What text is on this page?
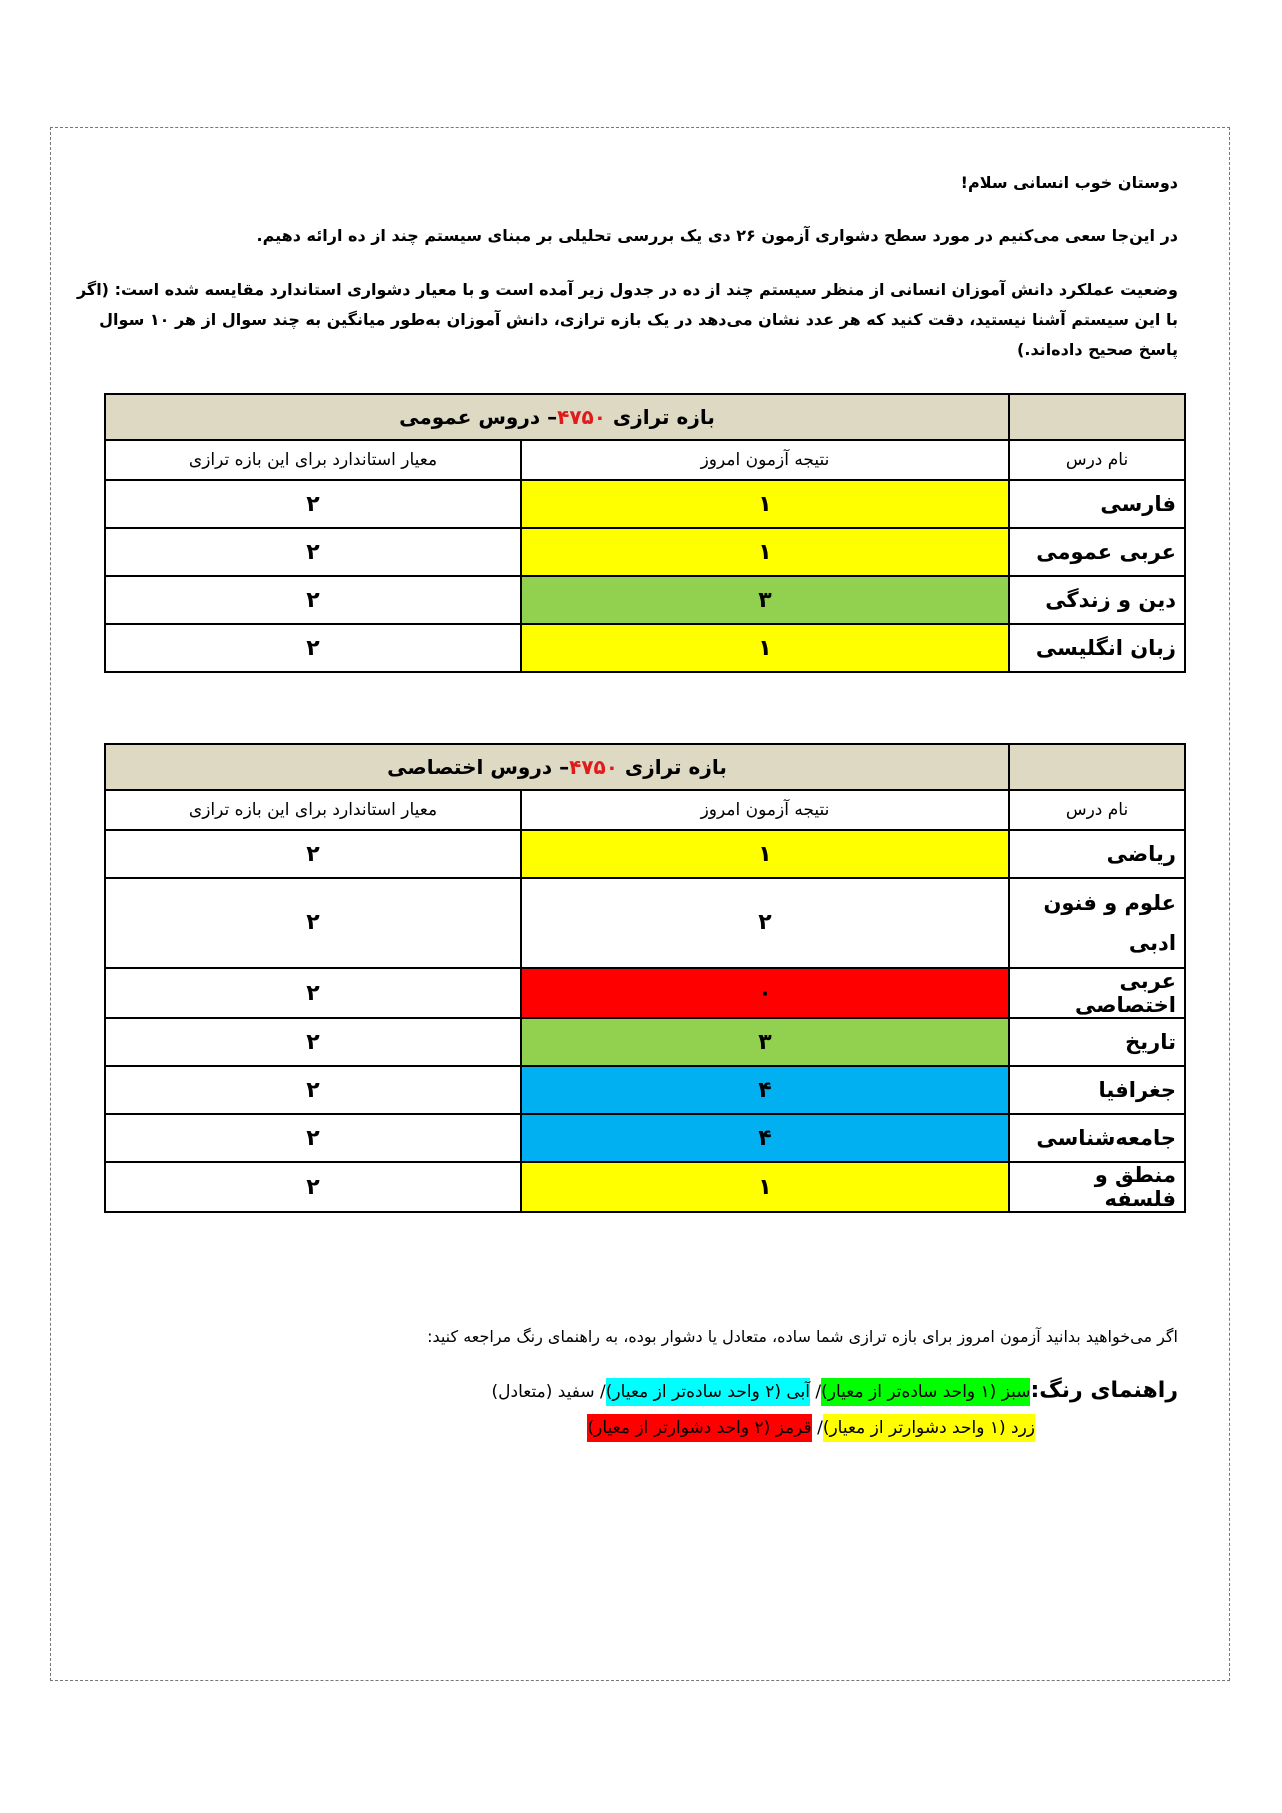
دوستان خوب انسانی سلام!
در این‌جا سعی می‌کنیم در مورد سطح دشواری آزمون ۲۶ دی یک بررسی تحلیلی بر مبنای سیستم چند از ده ارائه دهیم.
وضعیت عملکرد دانش آموزان انسانی از منظر سیستم چند از ده در جدول زیر آمده است و با معیار دشواری استاندارد مقایسه شده است: (اگر با این سیستم آشنا نیستید، دقت کنید که هر عدد نشان می‌دهد در یک بازه ترازی، دانش آموزان به‌طور میانگین به چند سوال از هر ۱۰ سوال پاسخ صحیح داده‌اند.)
	بازه ترازی ۴۷۵۰– دروس عمومی	
نام درس	نتیجه آزمون امروز	معیار استاندارد برای این بازه ترازی
فارسی	۱	۲
عربی عمومی	۱	۲
دین و زندگی	۳	۲
زبان انگلیسی	۱	۲
	بازه ترازی ۴۷۵۰– دروس اختصاصی	
نام درس	نتیجه آزمون امروز	معیار استاندارد برای این بازه ترازی
ریاضی	۱	۲
علوم و فنون ادبی	۲	۲
عربی اختصاصی	۰	۲
تاریخ	۳	۲
جغرافیا	۴	۲
جامعه‌شناسی	۴	۲
منطق و فلسفه	۱	۲
اگر می‌خواهید بدانید آزمون امروز برای بازه ترازی شما ساده، متعادل یا دشوار بوده، به راهنمای رنگ مراجعه کنید:
راهنمای رنگ:سبز (۱ واحد ساده‌تر از معیار)/ آبی (۲ واحد ساده‌تر از معیار)/ سفید (متعادل)
زرد (۱ واحد دشوارتر از معیار)/ قرمز (۲ واحد دشوارتر از معیار)
